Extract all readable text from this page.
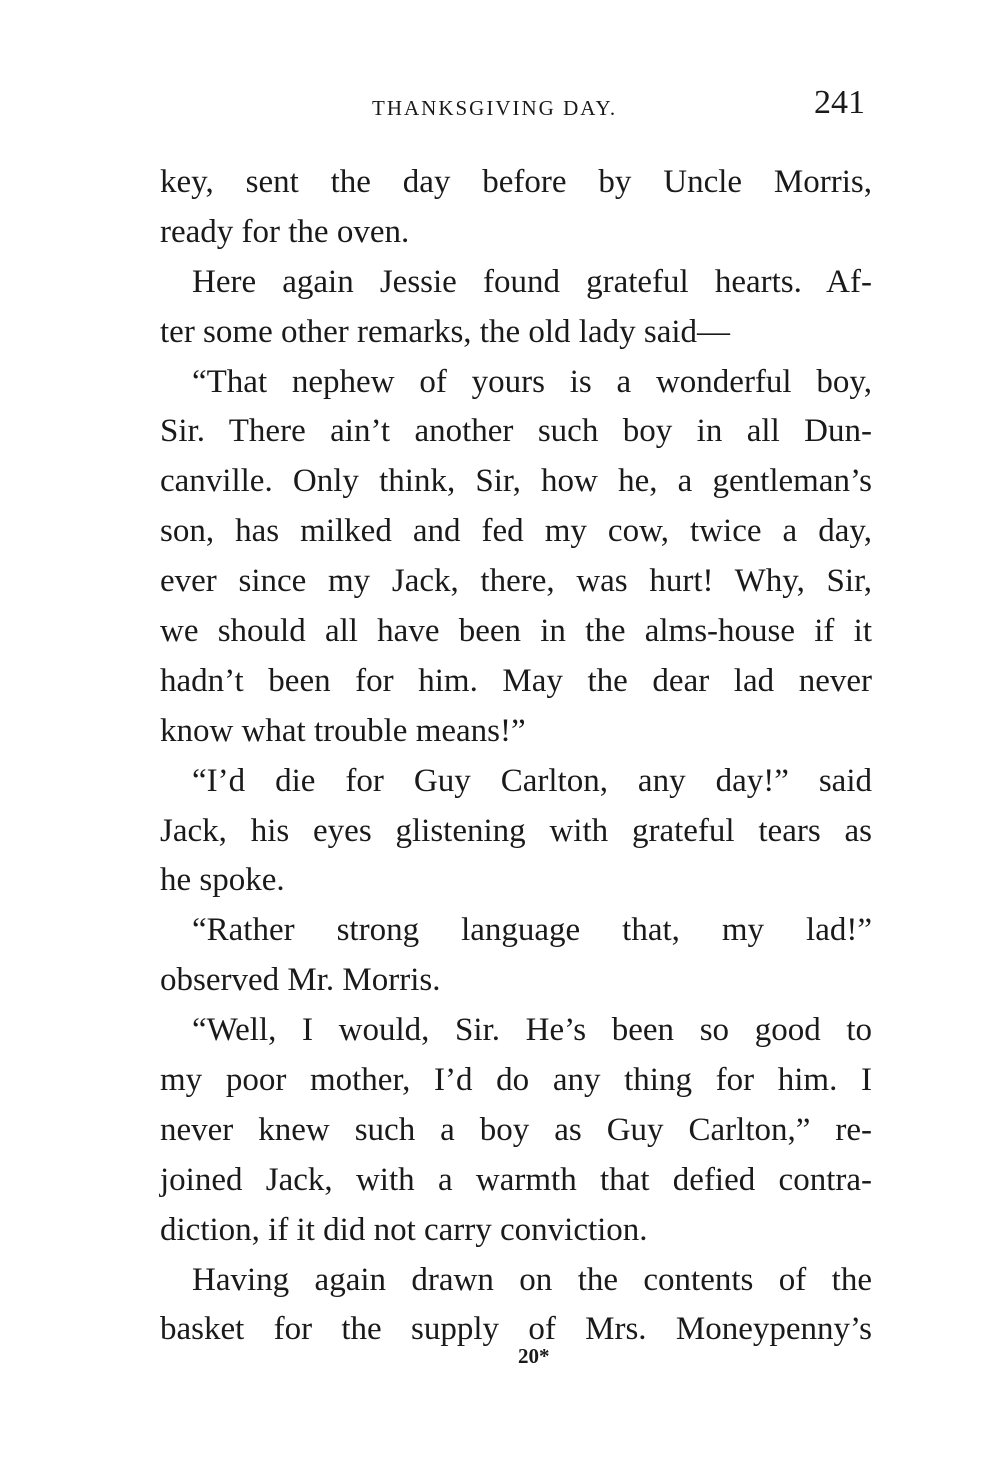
THANKSGIVING DAY.	241
key, sent the day before by Uncle Morris,
ready for the oven.
Here again Jessie found grateful hearts. Af-
ter some other remarks, the old lady said—
“That nephew of yours is a wonderful boy,
Sir. There ain’t another such boy in all Dun-
canville. Only think, Sir, how he, a gentleman’s
son, has milked and fed my cow, twice a day,
ever since my Jack, there, was hurt! Why, Sir,
we should all have been in the alms-house if it
hadn’t been for him. May the dear lad never
know what trouble means!”
“I’d die for Guy Carlton, any day!” said
Jack, his eyes glistening with grateful tears as
he spoke.
“Rather strong language that, my lad!”
observed Mr. Morris.
“Well, I would, Sir. He’s been so good to
my poor mother, I’d do any thing for him. I
never knew such a boy as Guy Carlton,” re-
joined Jack, with a warmth that defied contra-
diction, if it did not carry conviction.
Having again drawn on the contents of the
basket for the supply of Mrs. Moneypenny’s
20*
